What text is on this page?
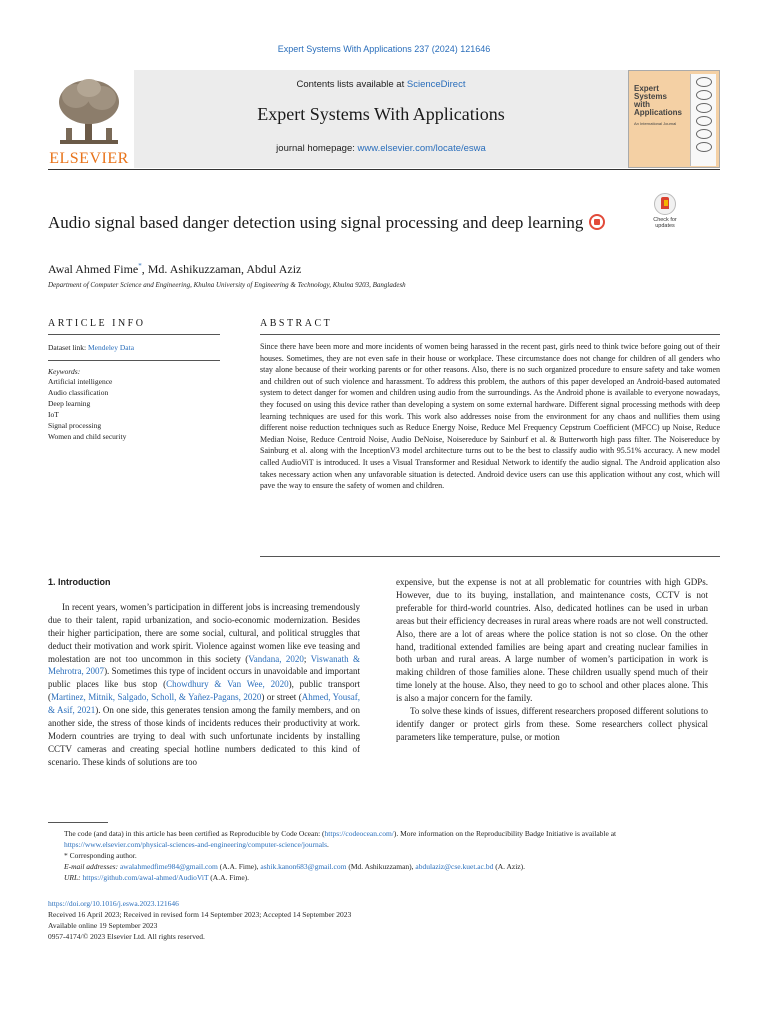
Expert Systems With Applications 237 (2024) 121646
ELSEVIER
Contents lists available at ScienceDirect
Expert Systems With Applications
journal homepage: www.elsevier.com/locate/eswa
Expert Systems with Applications
An International Journal
Audio signal based danger detection using signal processing and deep learning	Check for updates
Awal Ahmed Fime*, Md. Ashikuzzaman, Abdul Aziz
Department of Computer Science and Engineering, Khulna University of Engineering & Technology, Khulna 9203, Bangladesh
ARTICLE INFO	ABSTRACT
Dataset link: Mendeley Data
Keywords:
Artificial intelligence
Audio classification
Deep learning
IoT
Signal processing
Women and child security
Since there have been more and more incidents of women being harassed in the recent past, girls need to think twice before going out of their houses. Sometimes, they are not even safe in their house or workplace. These circumstance does not change for children of all genders who stay alone because of their working parents or for other reasons. Also, there is no such organized procedure to ensure safety and take women and children out of such violence and harassment. To address this problem, the authors of this paper developed an Android-based automated system to detect danger for women and children using audio from the surroundings. As the Android phone is available to everyone nowadays, they focused on using this device rather than developing a system on some external hardware. Different signal processing methods with deep learning techniques are used for this work. This work also addresses noise from the environment for any chaos and nullifies them using different noise reduction techniques such as Reduce Energy Noise, Reduce Mel Frequency Cepstrum Coefficient (MFCC) up Noise, Reduce Median Noise, Reduce Centroid Noise, Audio DeNoise, Noisereduce by Sainburf et al. & Butterworth high pass filter. The Noisereduce by Sainburg et al. along with the InceptionV3 model architecture turns out to be the best to classify audio with 95.51% accuracy. A new model called AudioViT is introduced. It uses a Visual Transformer and Residual Network to identify the audio signal. The Android application also takes necessary action when any unfavorable situation is detected. Android device users can use this application without any cost, which will pave the way to ensure the safety of women and children.
1. Introduction
In recent years, women’s participation in different jobs is increasing tremendously due to their talent, rapid urbanization, and socio-economic modernization. Besides their higher participation, there are some social, cultural, and political struggles that deduct their motivation and work spirit. Violence against women like eve teasing and molestation are not too uncommon in this society (Vandana, 2020; Viswanath & Mehrotra, 2007). Sometimes this type of incident occurs in unavoidable and important public places like bus stop (Chowdhury & Van Wee, 2020), public transport (Martinez, Mitnik, Salgado, Scholl, & Yañez-Pagans, 2020) or street (Ahmed, Yousaf, & Asif, 2021). On one side, this generates tension among the family members, and on another side, the stress of those kinds of incidents reduces their productivity at work. Modern countries are trying to deal with such unfortunate incidents by installing CCTV cameras and creating special hotline numbers dedicated to this kind of scenario. These kinds of solutions are too
expensive, but the expense is not at all problematic for countries with high GDPs. However, due to its buying, installation, and maintenance costs, CCTV is not preferable for third-world countries. Also, dedicated hotlines can be used in urban areas but their efficiency decreases in rural areas where roads are not well constructed. Also, there are a lot of areas where the police station is not so close. On the other hand, traditional extended families are being apart and creating nuclear families in both urban and rural areas. A large number of women’s participation in work is making children of those families alone. These children usually spend much of their time lonely at the house. Also, they need to go to school and other places alone. This is also a major concern for the family.
To solve these kinds of issues, different researchers proposed different solutions to identify danger or protect girls from these. Some researchers collect physical parameters like temperature, pulse, or motion
The code (and data) in this article has been certified as Reproducible by Code Ocean: (https://codeocean.com/). More information on the Reproducibility Badge Initiative is available at https://www.elsevier.com/physical-sciences-and-engineering/computer-science/journals.
* Corresponding author.
E-mail addresses: awalahmedfime984@gmail.com (A.A. Fime), ashik.kanon683@gmail.com (Md. Ashikuzzaman), abdulaziz@cse.kuet.ac.bd (A. Aziz).
URL: https://github.com/awal-ahmed/AudioViT (A.A. Fime).
https://doi.org/10.1016/j.eswa.2023.121646
Received 16 April 2023; Received in revised form 14 September 2023; Accepted 14 September 2023
Available online 19 September 2023
0957-4174/© 2023 Elsevier Ltd. All rights reserved.
